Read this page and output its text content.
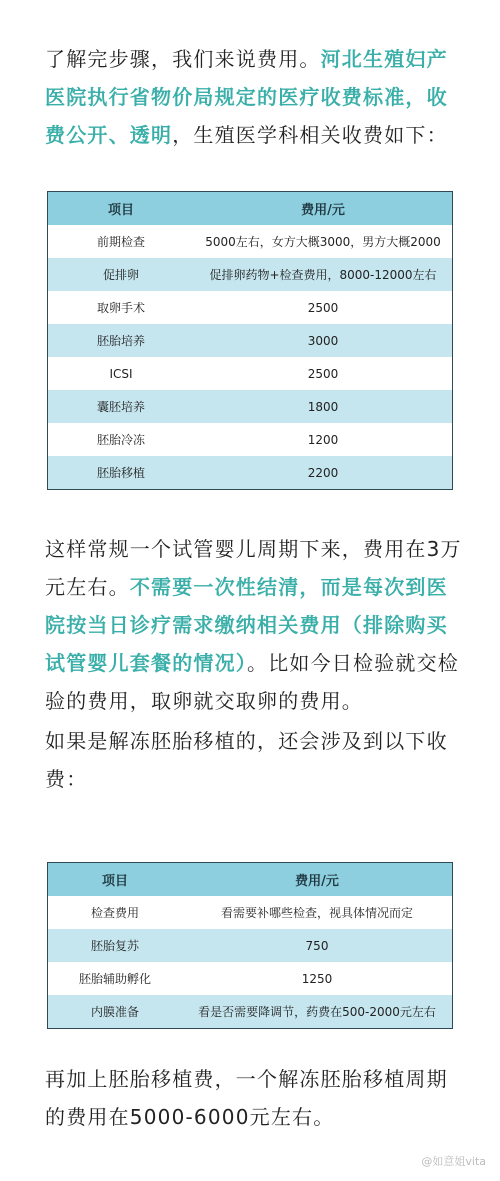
了解完步骤，我们来说费用。河北生殖妇产医院执行省物价局规定的医疗收费标准，收费公开、透明，生殖医学科相关收费如下：

项目	费用/元
前期检查	5000左右，女方大概3000，男方大概2000
促排卵	促排卵药物+检查费用，8000-12000左右
取卵手术	2500
胚胎培养	3000
ICSI	2500
囊胚培养	1800
胚胎冷冻	1200
胚胎移植	2200

这样常规一个试管婴儿周期下来，费用在3万元左右。不需要一次性结清，而是每次到医院按当日诊疗需求缴纳相关费用（排除购买试管婴儿套餐的情况）。比如今日检验就交检验的费用，取卵就交取卵的费用。

如果是解冻胚胎移植的，还会涉及到以下收费：

项目	费用/元
检查费用	看需要补哪些检查，视具体情况而定
胚胎复苏	750
胚胎辅助孵化	1250
内膜准备	看是否需要降调节，药费在500-2000元左右

再加上胚胎移植费，一个解冻胚胎移植周期的费用在5000-6000元左右。

@如意姐vita
